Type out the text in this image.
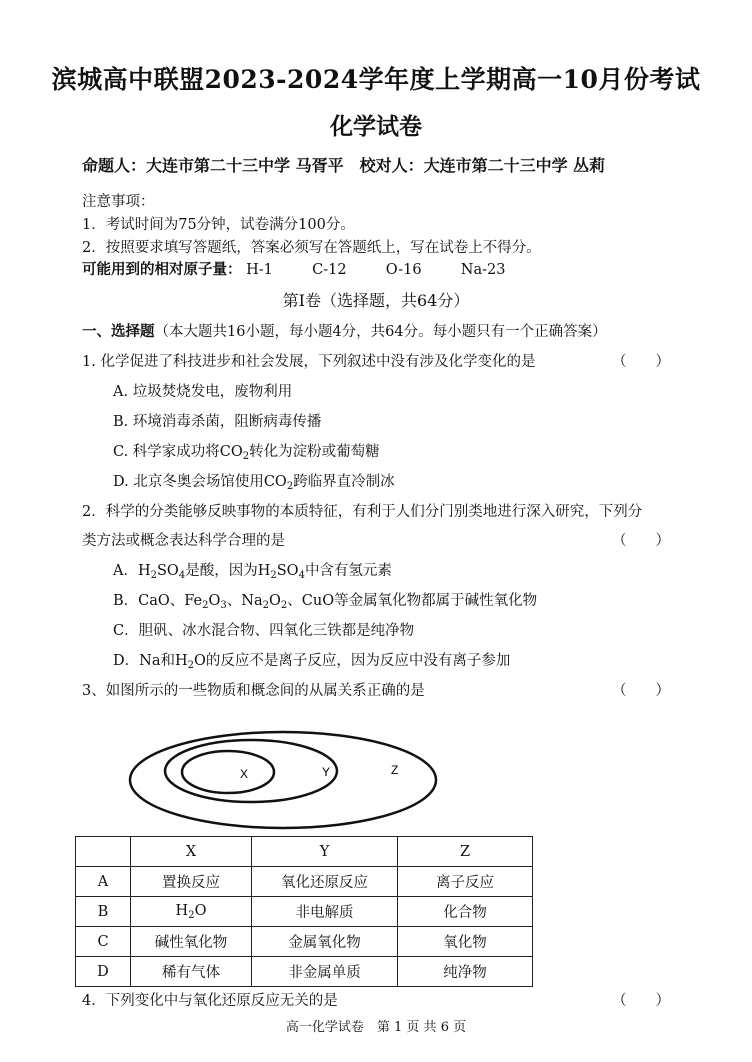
滨城高中联盟2023-2024学年度上学期高一10月份考试
化学试卷
命题人：大连市第二十三中学 马胥平　校对人：大连市第二十三中学 丛莉
注意事项：
1．考试时间为75分钟，试卷满分100分。
2．按照要求填写答题纸，答案必须写在答题纸上，写在试卷上不得分。
可能用到的相对原子量： H-1	C-12	O-16	Na-23
第Ⅰ卷（选择题，共64分）
一、选择题（本大题共16小题，每小题4分，共64分。每小题只有一个正确答案）
1. 化学促进了科技进步和社会发展，下列叙述中没有涉及化学变化的是	（　　）
A. 垃圾焚烧发电，废物利用
B. 环境消毒杀菌，阻断病毒传播
C. 科学家成功将$CO_2$转化为淀粉或葡萄糖
D. 北京冬奥会场馆使用$CO_2$跨临界直冷制冰
2．科学的分类能够反映事物的本质特征，有利于人们分门别类地进行深入研究，下列分
类方法或概念表达科学合理的是	（　　）
A．$H_2SO_4$是酸，因为$H_2SO_4$中含有氢元素
B．CaO、$Fe_2O_3$、$Na_2O_2$、CuO等金属氧化物都属于碱性氧化物
C．胆矾、冰水混合物、四氧化三铁都是纯净物
D．Na和$H_2O$的反应不是离子反应，因为反应中没有离子参加
3、如图所示的一些物质和概念间的从属关系正确的是	（　　）
X	Y	Z
	X	Y	Z
A	置换反应	氧化还原反应	离子反应
B	$H_2O$	非电解质	化合物
C	碱性氧化物	金属氧化物	氧化物
D	稀有气体	非金属单质	纯净物
4．下列变化中与氧化还原反应无关的是	（　　）
高一化学试卷　第 1 页 共 6 页
